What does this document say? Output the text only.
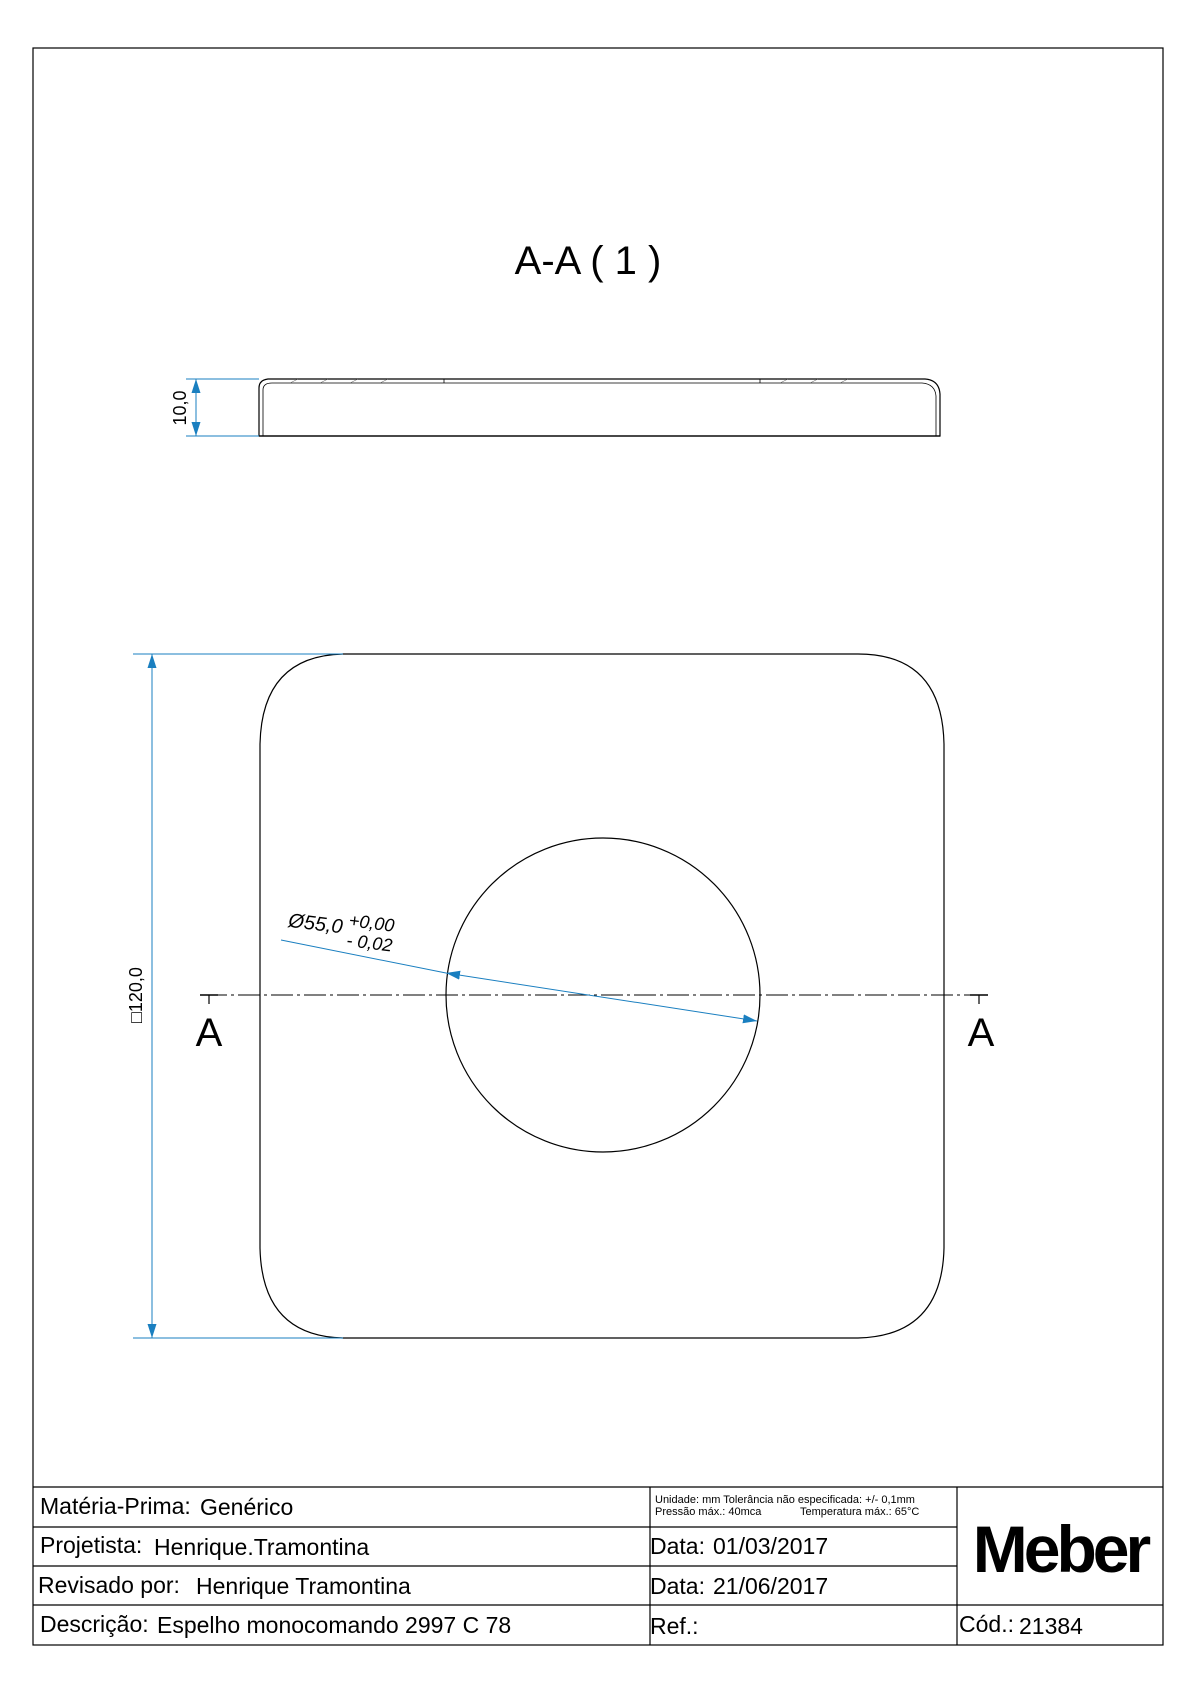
A-A ( 1 )
10,0
A	A
□120,0
Ø55,0 +0,00
- 0,02
Matéria-Prima: Genérico
Projetista: Henrique.Tramontina
Revisado por: Henrique Tramontina
Descrição: Espelho monocomando 2997 C 78
Unidade: mm Tolerância não especificada: +/- 0,1mm
Pressão máx.: 40mca	Temperatura máx.: 65°C
Data: 01/03/2017
Data: 21/06/2017
Ref.:
Meber
Cód.: 21384
